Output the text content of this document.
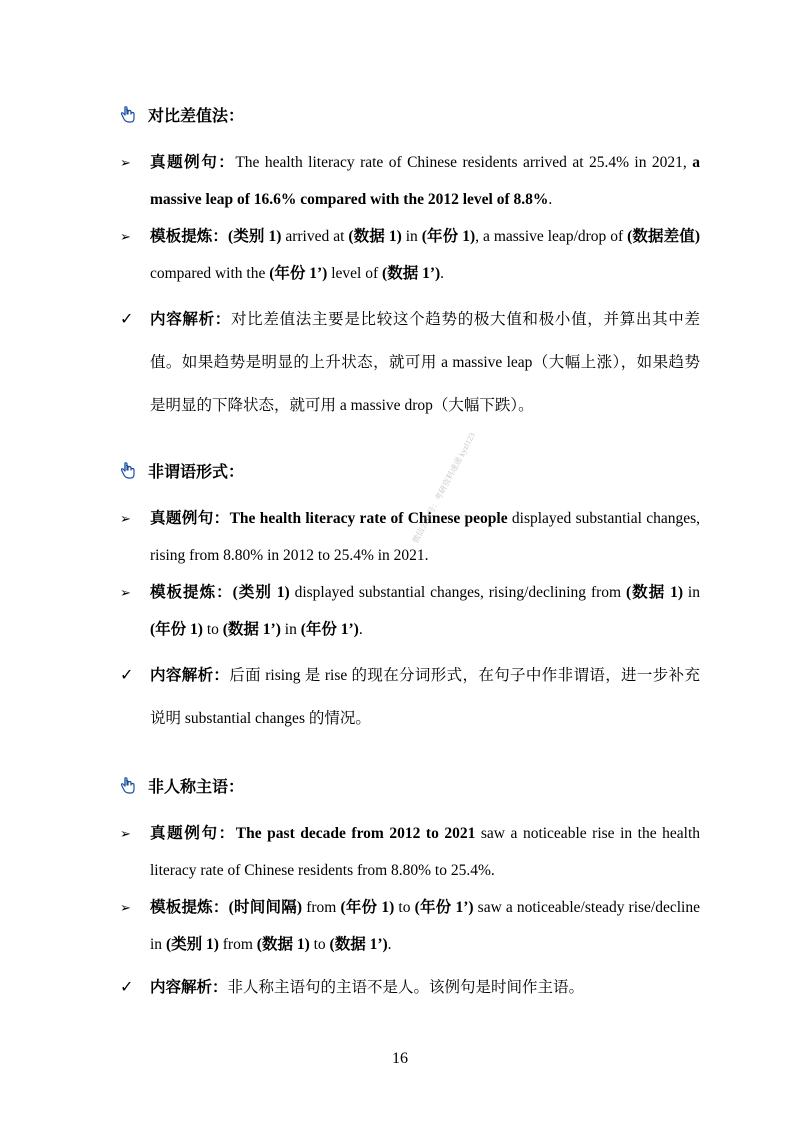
对比差值法：
➢	真题例句：The health literacy rate of Chinese residents arrived at 25.4% in 2021, a massive leap of 16.6% compared with the 2012 level of 8.8%.
➢	模板提炼：(类别 1) arrived at (数据 1) in (年份 1), a massive leap/drop of (数据差值) compared with the (年份 1’) level of (数据 1’).
✓	内容解析：对比差值法主要是比较这个趋势的极大值和极小值，并算出其中差值。如果趋势是明显的上升状态，就可用 a massive leap（大幅上涨），如果趋势是明显的下降状态，就可用 a massive drop（大幅下跌）。
非谓语形式：
➢	真题例句：The health literacy rate of Chinese people displayed substantial changes, rising from 8.80% in 2012 to 25.4% in 2021.
➢	模板提炼：(类别 1) displayed substantial changes, rising/declining from (数据 1) in (年份 1) to (数据 1’) in (年份 1’).
✓	内容解析：后面 rising 是 rise 的现在分词形式，在句子中作非谓语，进一步补充说明 substantial changes 的情况。
微信公众号：考研资料速递 kyzl123
非人称主语：
➢	真题例句：The past decade from 2012 to 2021 saw a noticeable rise in the health literacy rate of Chinese residents from 8.80% to 25.4%.
➢	模板提炼：(时间间隔) from (年份 1) to (年份 1’) saw a noticeable/steady rise/decline in (类别 1) from (数据 1) to (数据 1’).
✓	内容解析：非人称主语句的主语不是人。该例句是时间作主语。
16
